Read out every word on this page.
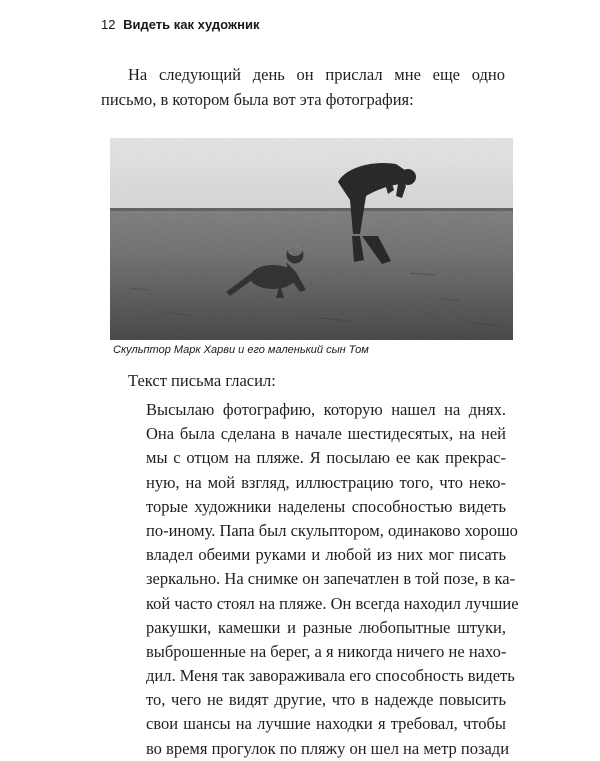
12 Видеть как художник

На следующий день он прислал мне еще одно письмо, в котором была вот эта фотография:

Скульптор Марк Харви и его маленький сын Том

Текст письма гласил:

Высылаю фотографию, которую нашел на днях.
Она была сделана в начале шестидесятых, на ней
мы с отцом на пляже. Я посылаю ее как прекрас-
ную, на мой взгляд, иллюстрацию того, что неко-
торые художники наделены способностью видеть
по-иному. Папа был скульптором, одинаково хорошо
владел обеими руками и любой из них мог писать
зеркально. На снимке он запечатлен в той позе, в ка-
кой часто стоял на пляже. Он всегда находил лучшие
ракушки, камешки и разные любопытные штуки,
выброшенные на берег, а я никогда ничего не нахо-
дил. Меня так завораживала его способность видеть
то, чего не видят другие, что в надежде повысить
свои шансы на лучшие находки я требовал, чтобы
во время прогулок по пляжу он шел на метр позади
